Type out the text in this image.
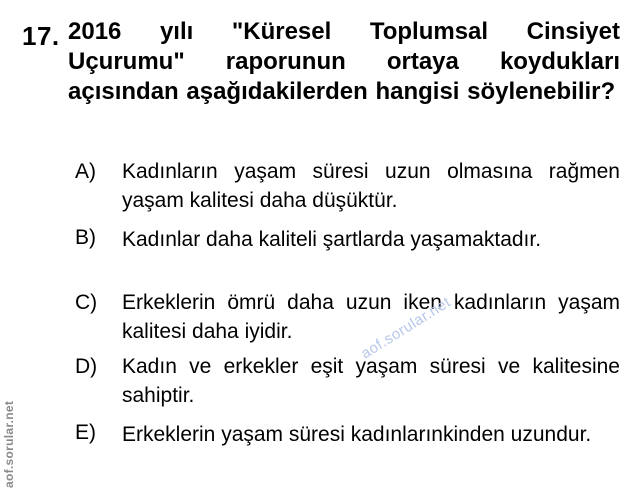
17. 2016 yılı "Küresel Toplumsal Cinsiyet Uçurumu" raporunun ortaya koydukları açısından aşağıdakilerden hangisi söylenebilir?
A) Kadınların yaşam süresi uzun olmasına rağmen yaşam kalitesi daha düşüktür.
B) Kadınlar daha kaliteli şartlarda yaşamaktadır.
C) Erkeklerin ömrü daha uzun iken kadınların yaşam kalitesi daha iyidir.
D) Kadın ve erkekler eşit yaşam süresi ve kalitesine sahiptir.
E) Erkeklerin yaşam süresi kadınlarınkinden uzundur.
aof.sorular.net
aof.sorular.net
